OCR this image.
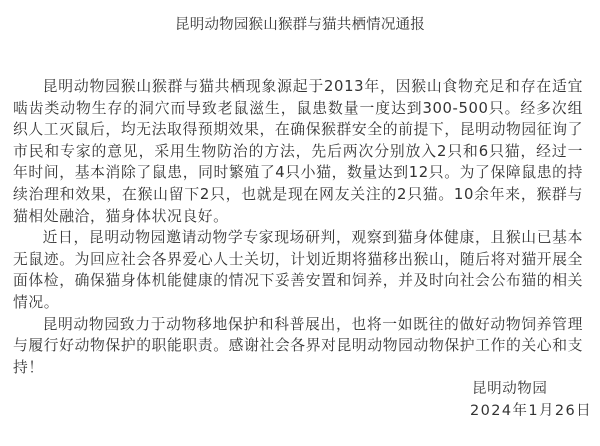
昆明动物园猴山猴群与猫共栖情况通报

昆明动物园猴山猴群与猫共栖现象源起于2013年，因猴山食物充足和存在适宜啮齿类动物生存的洞穴而导致老鼠滋生，鼠患数量一度达到300-500只。经多次组织人工灭鼠后，均无法取得预期效果，在确保猴群安全的前提下，昆明动物园征询了市民和专家的意见，采用生物防治的方法，先后两次分别放入2只和6只猫，经过一年时间，基本消除了鼠患，同时繁殖了4只小猫，数量达到12只。为了保障鼠患的持续治理和效果，在猴山留下2只，也就是现在网友关注的2只猫。10余年来，猴群与猫相处融洽，猫身体状况良好。

近日，昆明动物园邀请动物学专家现场研判，观察到猫身体健康，且猴山已基本无鼠迹。为回应社会各界爱心人士关切，计划近期将猫移出猴山，随后将对猫开展全面体检，确保猫身体机能健康的情况下妥善安置和饲养，并及时向社会公布猫的相关情况。

昆明动物园致力于动物移地保护和科普展出，也将一如既往的做好动物饲养管理与履行好动物保护的职能职责。感谢社会各界对昆明动物园动物保护工作的关心和支持！

昆明动物园
2024年1月26日
